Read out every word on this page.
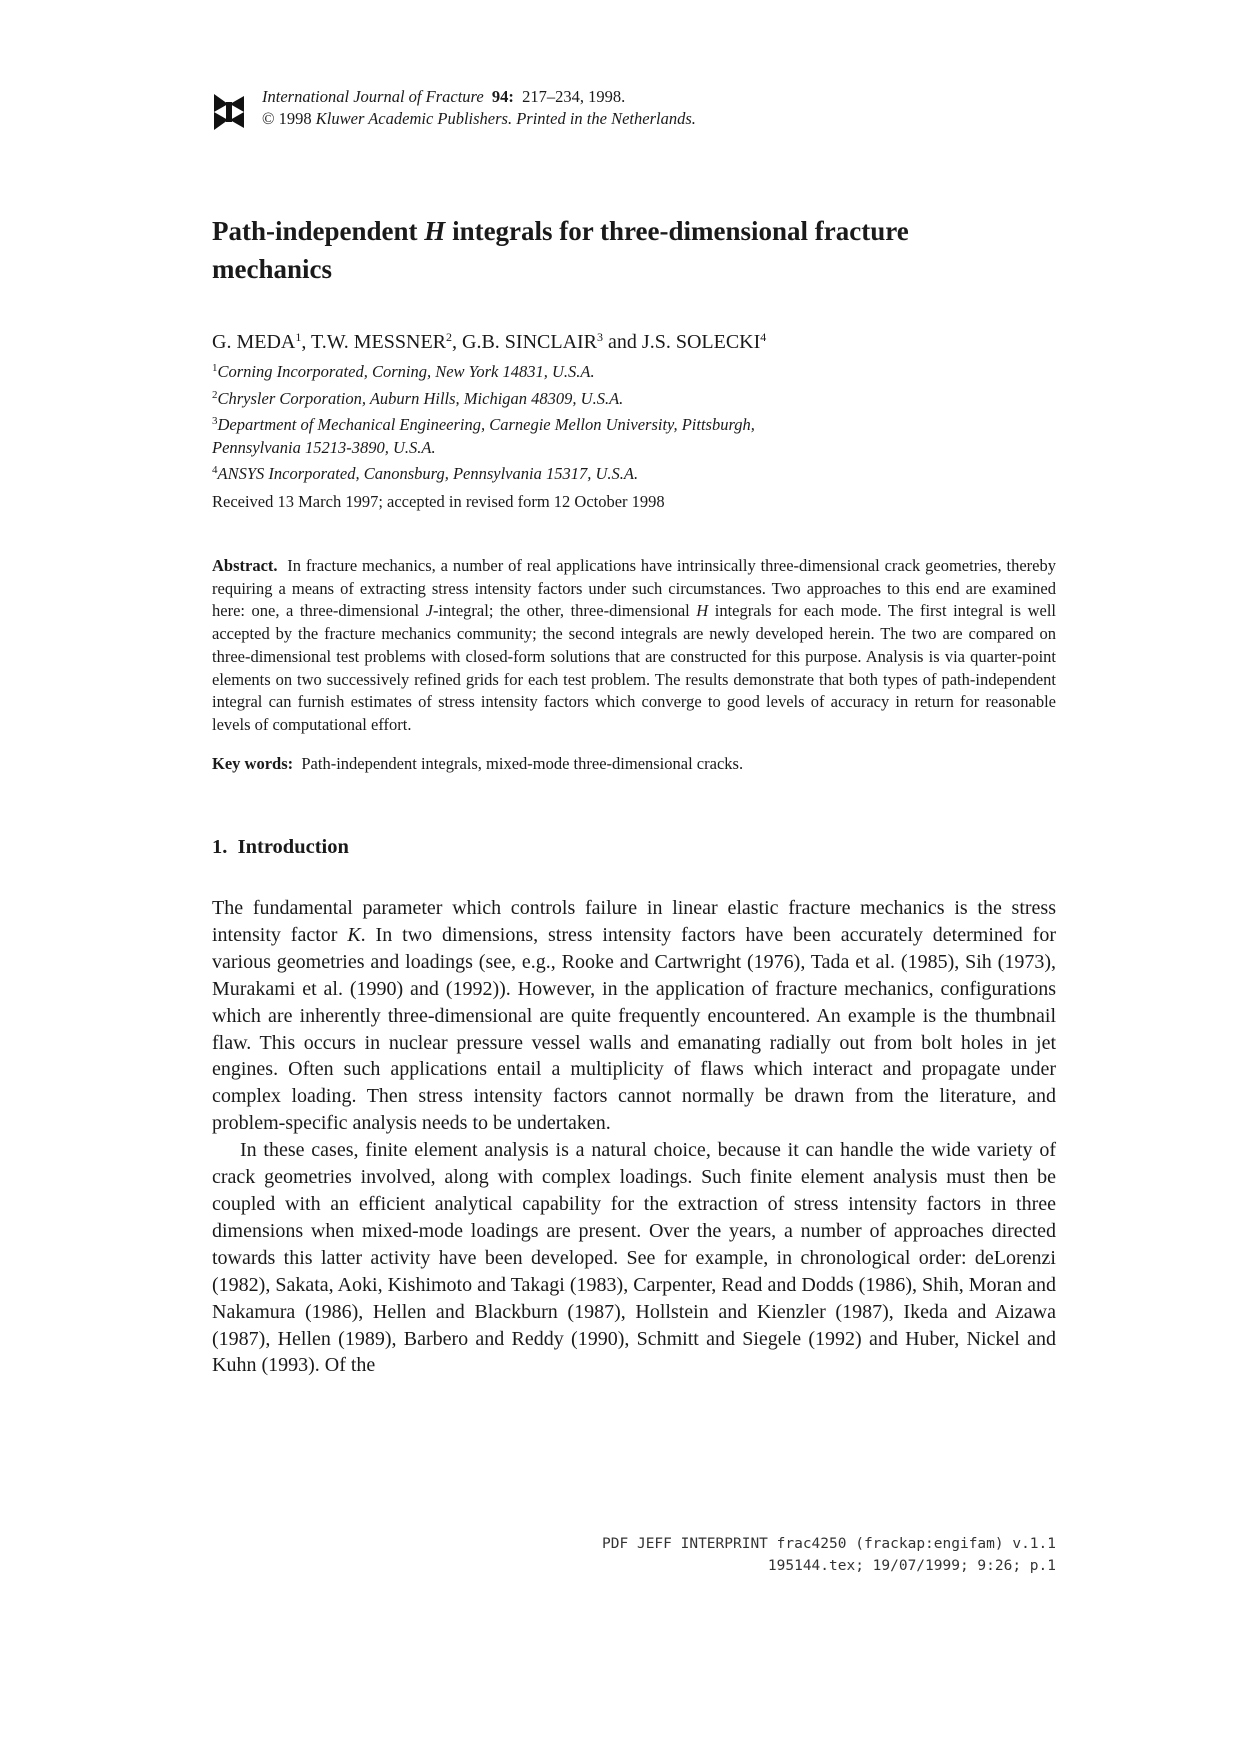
International Journal of Fracture 94: 217–234, 1998.
© 1998 Kluwer Academic Publishers. Printed in the Netherlands.
Path-independent H integrals for three-dimensional fracture mechanics
G. MEDA$^1$, T.W. MESSNER$^2$, G.B. SINCLAIR$^3$ and J.S. SOLECKI$^4$
$^1$Corning Incorporated, Corning, New York 14831, U.S.A.
$^2$Chrysler Corporation, Auburn Hills, Michigan 48309, U.S.A.
$^3$Department of Mechanical Engineering, Carnegie Mellon University, Pittsburgh,
Pennsylvania 15213-3890, U.S.A.
$^4$ANSYS Incorporated, Canonsburg, Pennsylvania 15317, U.S.A.
Received 13 March 1997; accepted in revised form 12 October 1998

Abstract. In fracture mechanics, a number of real applications have intrinsically three-dimensional crack geometries, thereby requiring a means of extracting stress intensity factors under such circumstances. Two approaches to this end are examined here: one, a three-dimensional J-integral; the other, three-dimensional H integrals for each mode. The first integral is well accepted by the fracture mechanics community; the second integrals are newly developed herein. The two are compared on three-dimensional test problems with closed-form solutions that are constructed for this purpose. Analysis is via quarter-point elements on two successively refined grids for each test problem. The results demonstrate that both types of path-independent integral can furnish estimates of stress intensity factors which converge to good levels of accuracy in return for reasonable levels of computational effort.

Key words: Path-independent integrals, mixed-mode three-dimensional cracks.
1. Introduction

The fundamental parameter which controls failure in linear elastic fracture mechanics is the stress intensity factor K. In two dimensions, stress intensity factors have been accurately determined for various geometries and loadings (see, e.g., Rooke and Cartwright (1976), Tada et al. (1985), Sih (1973), Murakami et al. (1990) and (1992)). However, in the application of fracture mechanics, configurations which are inherently three-dimensional are quite frequently encountered. An example is the thumbnail flaw. This occurs in nuclear pressure vessel walls and emanating radially out from bolt holes in jet engines. Often such applications entail a multiplicity of flaws which interact and propagate under complex loading. Then stress intensity factors cannot normally be drawn from the literature, and problem-specific analysis needs to be undertaken.

In these cases, finite element analysis is a natural choice, because it can handle the wide variety of crack geometries involved, along with complex loadings. Such finite element analysis must then be coupled with an efficient analytical capability for the extraction of stress intensity factors in three dimensions when mixed-mode loadings are present. Over the years, a number of approaches directed towards this latter activity have been developed. See for example, in chronological order: deLorenzi (1982), Sakata, Aoki, Kishimoto and Takagi (1983), Carpenter, Read and Dodds (1986), Shih, Moran and Nakamura (1986), Hellen and Blackburn (1987), Hollstein and Kienzler (1987), Ikeda and Aizawa (1987), Hellen (1989), Barbero and Reddy (1990), Schmitt and Siegele (1992) and Huber, Nickel and Kuhn (1993). Of the

PDF JEFF INTERPRINT frac4250 (frackap:engifam) v.1.1
195144.tex; 19/07/1999; 9:26; p.1
